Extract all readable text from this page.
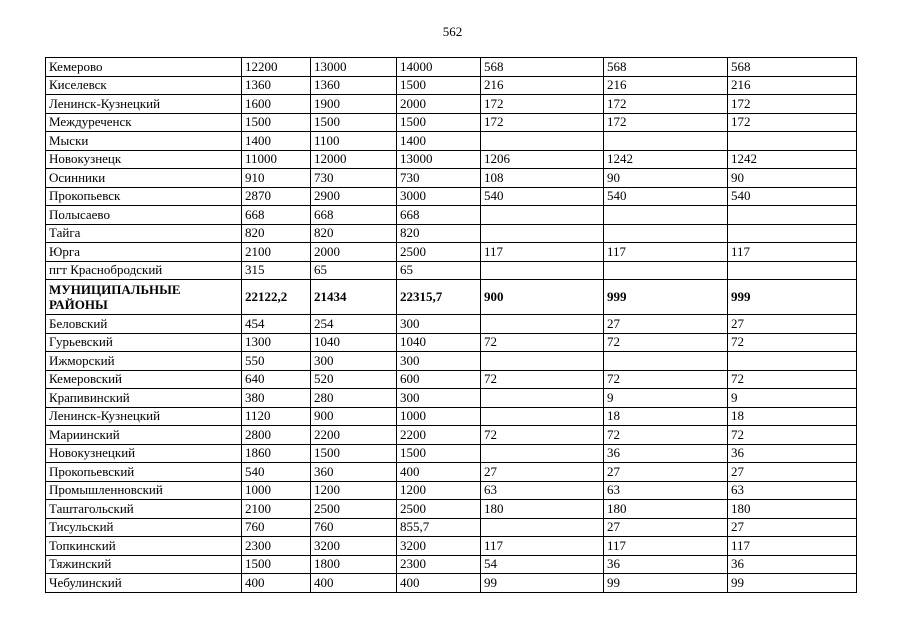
562
Кемерово	12200	13000	14000	568	568	568
Киселевск	1360	1360	1500	216	216	216
Ленинск-Кузнецкий	1600	1900	2000	172	172	172
Междуреченск	1500	1500	1500	172	172	172
Мыски	1400	1100	1400			
Новокузнецк	11000	12000	13000	1206	1242	1242
Осинники	910	730	730	108	90	90
Прокопьевск	2870	2900	3000	540	540	540
Полысаево	668	668	668			
Тайга	820	820	820			
Юрга	2100	2000	2500	117	117	117
пгт Краснобродский	315	65	65			
МУНИЦИПАЛЬНЫЕ РАЙОНЫ	22122,2	21434	22315,7	900	999	999
Беловский	454	254	300		27	27
Гурьевский	1300	1040	1040	72	72	72
Ижморский	550	300	300			
Кемеровский	640	520	600	72	72	72
Крапивинский	380	280	300		9	9
Ленинск-Кузнецкий	1120	900	1000		18	18
Мариинский	2800	2200	2200	72	72	72
Новокузнецкий	1860	1500	1500		36	36
Прокопьевский	540	360	400	27	27	27
Промышленновский	1000	1200	1200	63	63	63
Таштагольский	2100	2500	2500	180	180	180
Тисульский	760	760	855,7		27	27
Топкинский	2300	3200	3200	117	117	117
Тяжинский	1500	1800	2300	54	36	36
Чебулинский	400	400	400	99	99	99
